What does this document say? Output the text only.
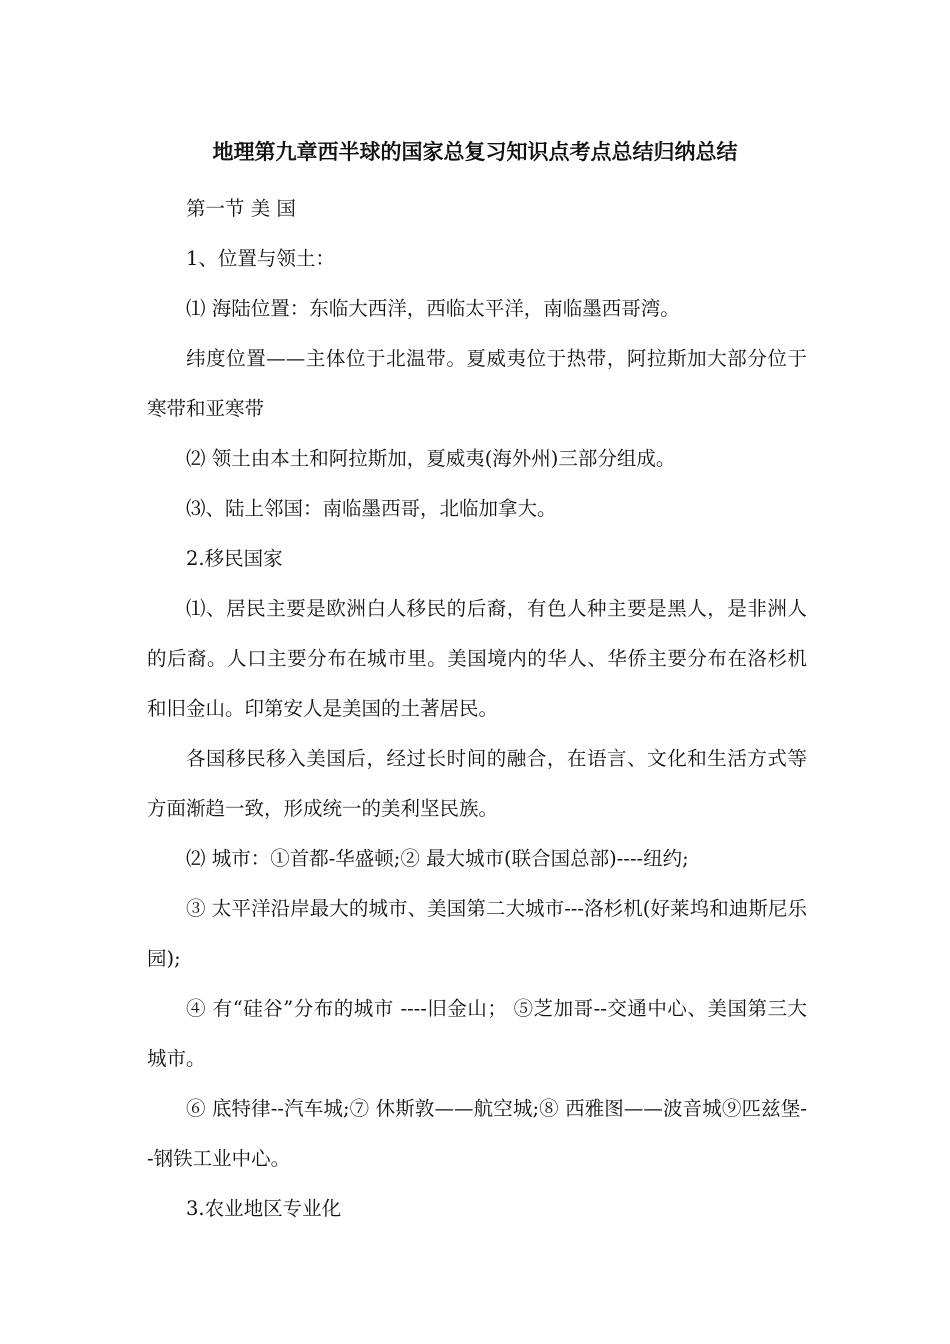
地理第九章西半球的国家总复习知识点考点总结归纳总结

第一节 美 国

1、位置与领土：

⑴ 海陆位置：东临大西洋，西临太平洋，南临墨西哥湾。

纬度位置——主体位于北温带。夏威夷位于热带，阿拉斯加大部分位于寒带和亚寒带

⑵ 领土由本土和阿拉斯加，夏威夷(海外州)三部分组成。

⑶、陆上邻国：南临墨西哥，北临加拿大。

2.移民国家

⑴、居民主要是欧洲白人移民的后裔，有色人种主要是黑人，是非洲人的后裔。人口主要分布在城市里。美国境内的华人、华侨主要分布在洛杉机和旧金山。印第安人是美国的土著居民。

各国移民移入美国后，经过长时间的融合，在语言、文化和生活方式等方面渐趋一致，形成统一的美利坚民族。

⑵ 城市：①首都-华盛顿;② 最大城市(联合国总部)----纽约;

③ 太平洋沿岸最大的城市、美国第二大城市---洛杉机(好莱坞和迪斯尼乐园);

④ 有“硅谷”分布的城市 ----旧金山； ⑤芝加哥--交通中心、美国第三大城市。

⑥ 底特律--汽车城;⑦ 休斯敦——航空城;⑧ 西雅图——波音城⑨匹兹堡--钢铁工业中心。

3.农业地区专业化
